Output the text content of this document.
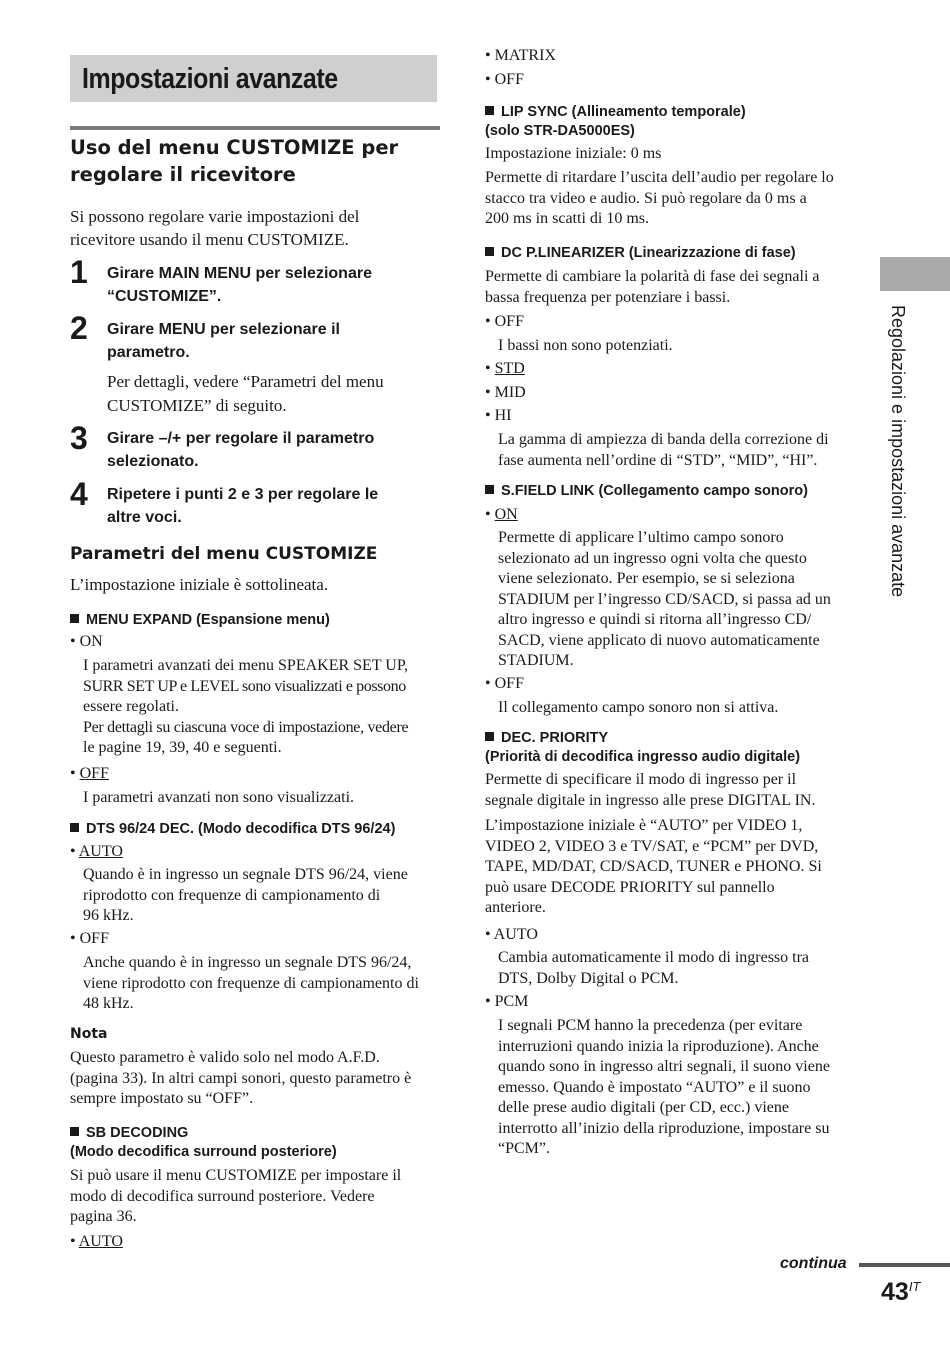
Impostazioni avanzate
Uso del menu CUSTOMIZE per regolare il ricevitore
Si possono regolare varie impostazioni del
ricevitore usando il menu CUSTOMIZE.
1 Girare MAIN MENU per selezionare
“CUSTOMIZE”.
2 Girare MENU per selezionare il
parametro.
Per dettagli, vedere “Parametri del menu
CUSTOMIZE” di seguito.
3 Girare –/+ per regolare il parametro
selezionato.
4 Ripetere i punti 2 e 3 per regolare le
altre voci.
Parametri del menu CUSTOMIZE
L’impostazione iniziale è sottolineata.
MENU EXPAND (Espansione menu)
• ON
I parametri avanzati dei menu SPEAKER SET UP,
SURR SET UP e LEVEL sono visualizzati e possono
essere regolati.
Per dettagli su ciascuna voce di impostazione, vedere
le pagine 19, 39, 40 e seguenti.
• OFF
I parametri avanzati non sono visualizzati.
DTS 96/24 DEC. (Modo decodifica DTS 96/24)
• AUTO
Quando è in ingresso un segnale DTS 96/24, viene
riprodotto con frequenze di campionamento di
96 kHz.
• OFF
Anche quando è in ingresso un segnale DTS 96/24,
viene riprodotto con frequenze di campionamento di
48 kHz.
Nota
Questo parametro è valido solo nel modo A.F.D.
(pagina 33). In altri campi sonori, questo parametro è
sempre impostato su “OFF”.
SB DECODING
(Modo decodifica surround posteriore)
Si può usare il menu CUSTOMIZE per impostare il
modo di decodifica surround posteriore. Vedere
pagina 36.
• AUTO
• MATRIX
• OFF
LIP SYNC (Allineamento temporale)
(solo STR-DA5000ES)
Impostazione iniziale: 0 ms
Permette di ritardare l’uscita dell’audio per regolare lo
stacco tra video e audio. Si può regolare da 0 ms a
200 ms in scatti di 10 ms.
DC P.LINEARIZER (Linearizzazione di fase)
Permette di cambiare la polarità di fase dei segnali a
bassa frequenza per potenziare i bassi.
• OFF
I bassi non sono potenziati.
• STD
• MID
• HI
La gamma di ampiezza di banda della correzione di
fase aumenta nell’ordine di “STD”, “MID”, “HI”.
S.FIELD LINK (Collegamento campo sonoro)
• ON
Permette di applicare l’ultimo campo sonoro
selezionato ad un ingresso ogni volta che questo
viene selezionato. Per esempio, se si seleziona
STADIUM per l’ingresso CD/SACD, si passa ad un
altro ingresso e quindi si ritorna all’ingresso CD/
SACD, viene applicato di nuovo automaticamente
STADIUM.
• OFF
Il collegamento campo sonoro non si attiva.
DEC. PRIORITY
(Priorità di decodifica ingresso audio digitale)
Permette di specificare il modo di ingresso per il
segnale digitale in ingresso alle prese DIGITAL IN.
L’impostazione iniziale è “AUTO” per VIDEO 1,
VIDEO 2, VIDEO 3 e TV/SAT, e “PCM” per DVD,
TAPE, MD/DAT, CD/SACD, TUNER e PHONO. Si
può usare DECODE PRIORITY sul pannello
anteriore.
• AUTO
Cambia automaticamente il modo di ingresso tra
DTS, Dolby Digital o PCM.
• PCM
I segnali PCM hanno la precedenza (per evitare
interruzioni quando inizia la riproduzione). Anche
quando sono in ingresso altri segnali, il suono viene
emesso. Quando è impostato “AUTO” e il suono
delle prese audio digitali (per CD, ecc.) viene
interrotto all’inizio della riproduzione, impostare su
“PCM”.
Regolazioni e impostazioni avanzate
continua
$43^{IT}$
